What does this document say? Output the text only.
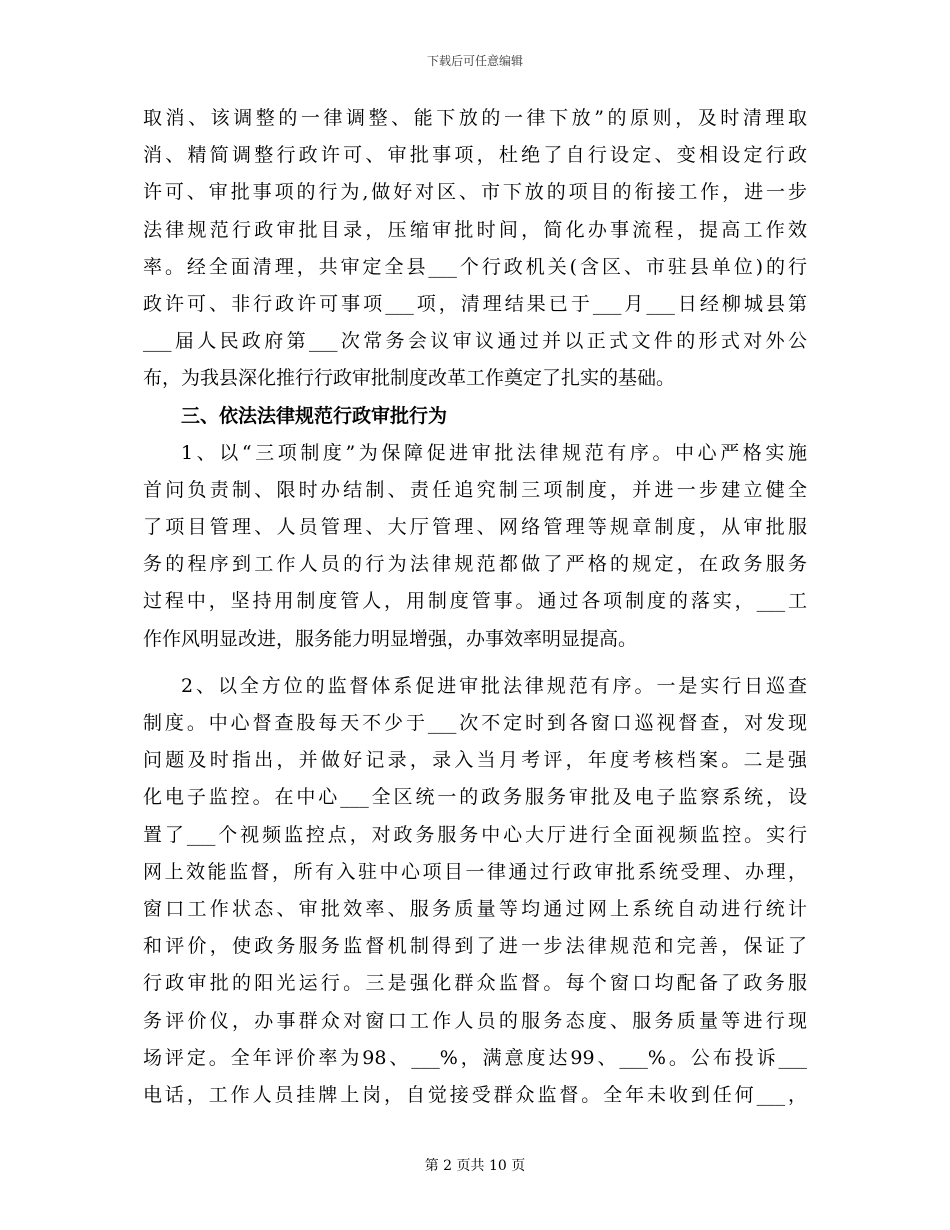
下载后可任意编辑
取消、该调整的一律调整、能下放的一律下放”的原则，及时清理取
消、精简调整行政许可、审批事项，杜绝了自行设定、变相设定行政
许可、审批事项的行为,做好对区、市下放的项目的衔接工作，进一步
法律规范行政审批目录，压缩审批时间，简化办事流程，提高工作效
率。经全面清理，共审定全县___个行政机关(含区、市驻县单位)的行
政许可、非行政许可事项___项，清理结果已于___月___日经柳城县第
___届人民政府第___次常务会议审议通过并以正式文件的形式对外公
布，为我县深化推行行政审批制度改革工作奠定了扎实的基础。
三、依法法律规范行政审批行为
1、以“三项制度”为保障促进审批法律规范有序。中心严格实施
首问负责制、限时办结制、责任追究制三项制度，并进一步建立健全
了项目管理、人员管理、大厅管理、网络管理等规章制度，从审批服
务的程序到工作人员的行为法律规范都做了严格的规定，在政务服务
过程中，坚持用制度管人，用制度管事。通过各项制度的落实，___工
作作风明显改进，服务能力明显增强，办事效率明显提高。
2、以全方位的监督体系促进审批法律规范有序。一是实行日巡查
制度。中心督查股每天不少于___次不定时到各窗口巡视督查，对发现
问题及时指出，并做好记录，录入当月考评，年度考核档案。二是强
化电子监控。在中心___全区统一的政务服务审批及电子监察系统，设
置了___个视频监控点，对政务服务中心大厅进行全面视频监控。实行
网上效能监督，所有入驻中心项目一律通过行政审批系统受理、办理，
窗口工作状态、审批效率、服务质量等均通过网上系统自动进行统计
和评价，使政务服务监督机制得到了进一步法律规范和完善，保证了
行政审批的阳光运行。三是强化群众监督。每个窗口均配备了政务服
务评价仪，办事群众对窗口工作人员的服务态度、服务质量等进行现
场评定。全年评价率为98、___%，满意度达99、___%。公布投诉___
电话，工作人员挂牌上岗，自觉接受群众监督。全年未收到任何___，
第 2 页共 10 页
